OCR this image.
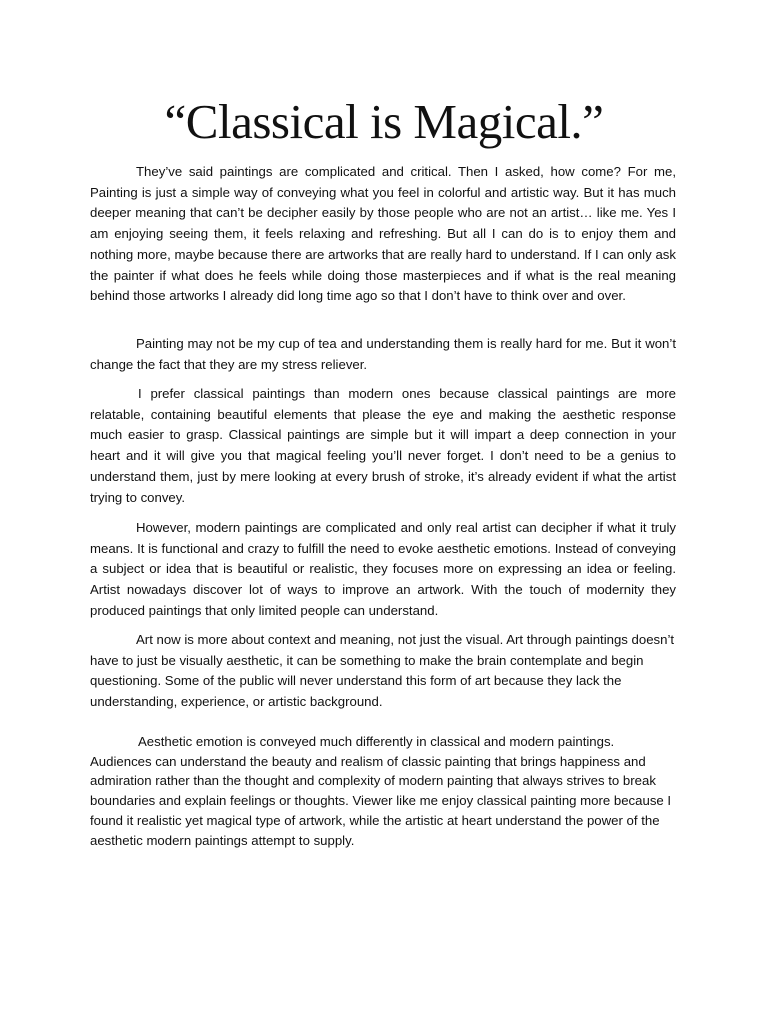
“Classical is Magical.”

They’ve said paintings are complicated and critical. Then I asked, how come? For me, Painting is just a simple way of conveying what you feel in colorful and artistic way. But it has much deeper meaning that can’t be decipher easily by those people who are not an artist… like me. Yes I am enjoying seeing them, it feels relaxing and refreshing. But all I can do is to enjoy them and nothing more, maybe because there are artworks that are really hard to understand. If I can only ask the painter if what does he feels while doing those masterpieces and if what is the real meaning behind those artworks I already did long time ago so that I don’t have to think over and over.

Painting may not be my cup of tea and understanding them is really hard for me. But it won’t change the fact that they are my stress reliever.

I prefer classical paintings than modern ones because classical paintings are more relatable, containing beautiful elements that please the eye and making the aesthetic response much easier to grasp. Classical paintings are simple but it will impart a deep connection in your heart and it will give you that magical feeling you’ll never forget. I don’t need to be a genius to understand them, just by mere looking at every brush of stroke, it’s already evident if what the artist trying to convey.

However, modern paintings are complicated and only real artist can decipher if what it truly means. It is functional and crazy to fulfill the need to evoke aesthetic emotions. Instead of conveying a subject or idea that is beautiful or realistic, they focuses more on expressing an idea or feeling. Artist nowadays discover lot of ways to improve an artwork. With the touch of modernity they produced paintings that only limited people can understand.

Art now is more about context and meaning, not just the visual. Art through paintings doesn’t have to just be visually aesthetic, it can be something to make the brain contemplate and begin questioning. Some of the public will never understand this form of art because they lack the understanding, experience, or artistic background.

Aesthetic emotion is conveyed much differently in classical and modern paintings. Audiences can understand the beauty and realism of classic painting that brings happiness and admiration rather than the thought and complexity of modern painting that always strives to break boundaries and explain feelings or thoughts. Viewer like me enjoy classical painting more because I found it realistic yet magical type of artwork, while the artistic at heart understand the power of the aesthetic modern paintings attempt to supply.
